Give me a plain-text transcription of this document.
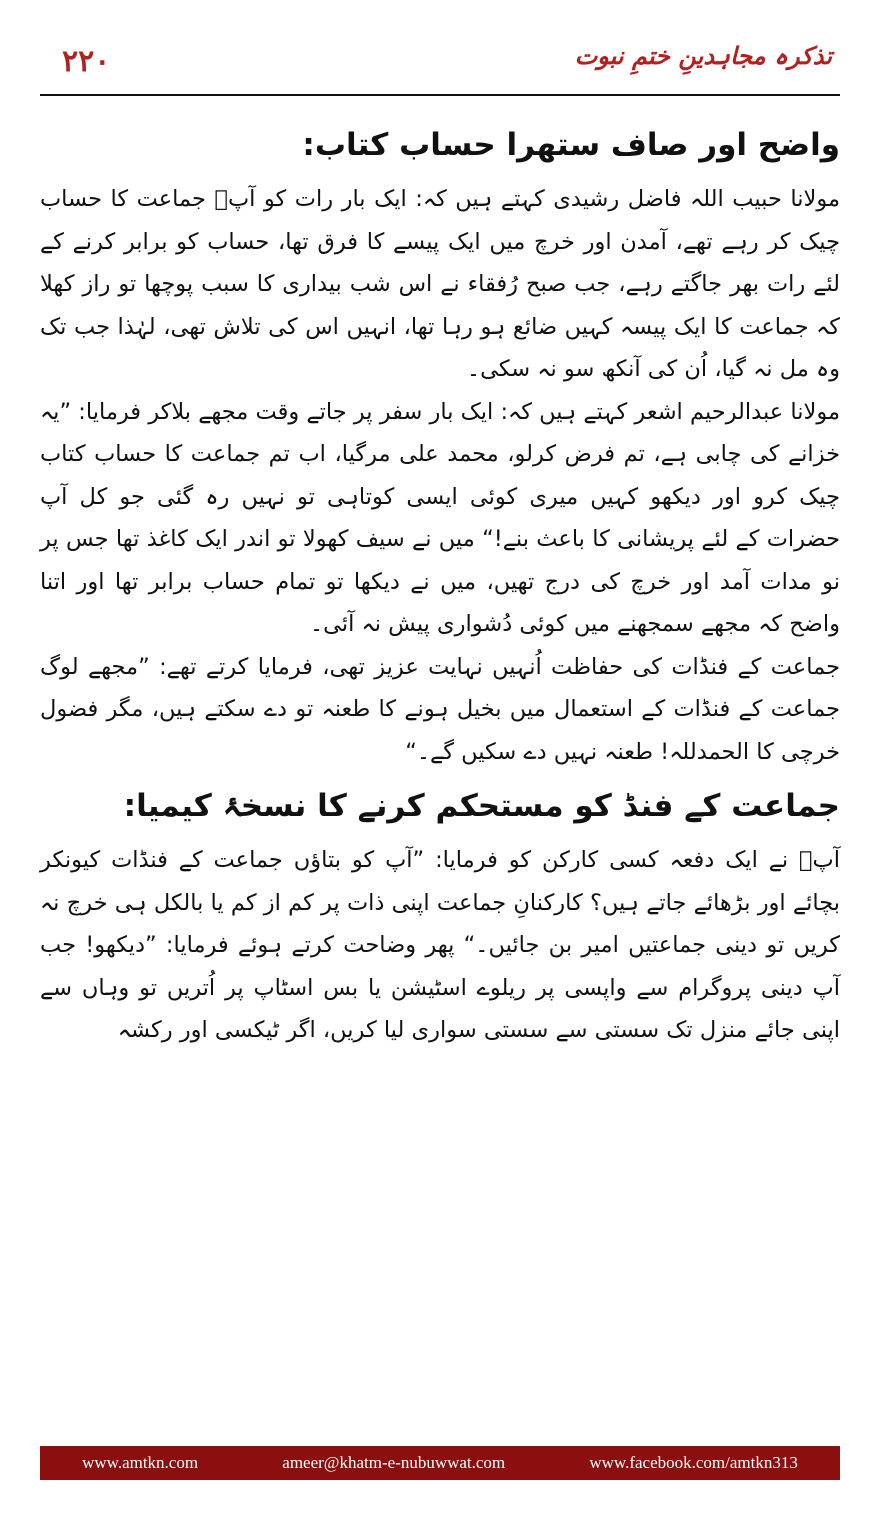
۲۲۰	تذکرہ مجاہدینِ ختمِ نبوت
واضح اور صاف ستھرا حساب کتاب:

مولانا حبیب اللہ فاضل رشیدی کہتے ہیں کہ: ایک بار رات کو آپؒ جماعت کا حساب چیک کر رہے تھے، آمدن اور خرچ میں ایک پیسے کا فرق تھا، حساب کو برابر کرنے کے لئے رات بھر جاگتے رہے، جب صبح رُفقاء نے اس شب بیداری کا سبب پوچھا تو راز کھلا کہ جماعت کا ایک پیسہ کہیں ضائع ہو رہا تھا، انہیں اس کی تلاش تھی، لہٰذا جب تک وہ مل نہ گیا، اُن کی آنکھ سو نہ سکی۔

مولانا عبدالرحیم اشعر کہتے ہیں کہ: ایک بار سفر پر جاتے وقت مجھے بلاکر فرمایا: ”یہ خزانے کی چابی ہے، تم فرض کرلو، محمد علی مرگیا، اب تم جماعت کا حساب کتاب چیک کرو اور دیکھو کہیں میری کوئی ایسی کوتاہی تو نہیں رہ گئی جو کل آپ حضرات کے لئے پریشانی کا باعث بنے!“ میں نے سیف کھولا تو اندر ایک کاغذ تھا جس پر نو مدات آمد اور خرچ کی درج تھیں، میں نے دیکھا تو تمام حساب برابر تھا اور اتنا واضح کہ مجھے سمجھنے میں کوئی دُشواری پیش نہ آئی۔

جماعت کے فنڈات کی حفاظت اُنہیں نہایت عزیز تھی، فرمایا کرتے تھے: ”مجھے لوگ جماعت کے فنڈات کے استعمال میں بخیل ہونے کا طعنہ تو دے سکتے ہیں، مگر فضول خرچی کا الحمدللہ! طعنہ نہیں دے سکیں گے۔“

جماعت کے فنڈ کو مستحکم کرنے کا نسخۂ کیمیا:

آپؒ نے ایک دفعہ کسی کارکن کو فرمایا: ”آپ کو بتاؤں جماعت کے فنڈات کیونکر بچائے اور بڑھائے جاتے ہیں؟ کارکنانِ جماعت اپنی ذات پر کم از کم یا بالکل ہی خرچ نہ کریں تو دینی جماعتیں امیر بن جائیں۔“ پھر وضاحت کرتے ہوئے فرمایا: ”دیکھو! جب آپ دینی پروگرام سے واپسی پر ریلوے اسٹیشن یا بس اسٹاپ پر اُتریں تو وہاں سے اپنی جائے منزل تک سستی سے سستی سواری لیا کریں، اگر ٹیکسی اور رکشہ

www.amtkn.com	ameer@khatm-e-nubuwwat.com	www.facebook.com/amtkn313
